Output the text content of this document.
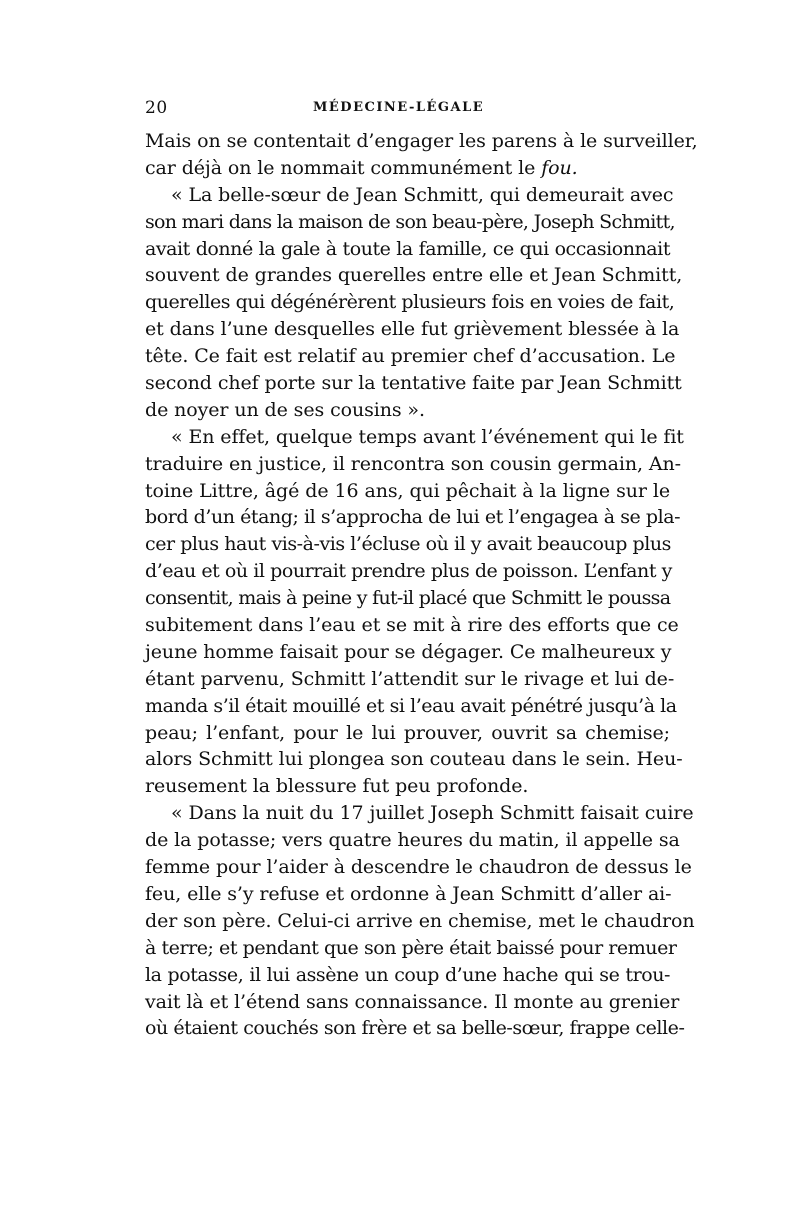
20	MÉDECINE-LÉGALE
Mais on se contentait d’engager les parens à le surveiller,
car déjà on le nommait communément le fou.
« La belle-sœur de Jean Schmitt, qui demeurait avec
son mari dans la maison de son beau-père, Joseph Schmitt,
avait donné la gale à toute la famille, ce qui occasionnait
souvent de grandes querelles entre elle et Jean Schmitt,
querelles qui dégénérèrent plusieurs fois en voies de fait,
et dans l’une desquelles elle fut grièvement blessée à la
tête. Ce fait est relatif au premier chef d’accusation. Le
second chef porte sur la tentative faite par Jean Schmitt
de noyer un de ses cousins ».
« En effet, quelque temps avant l’événement qui le fit
traduire en justice, il rencontra son cousin germain, An-
toine Littre, âgé de 16 ans, qui pêchait à la ligne sur le
bord d’un étang; il s’approcha de lui et l’engagea à se pla-
cer plus haut vis-à-vis l’écluse où il y avait beaucoup plus
d’eau et où il pourrait prendre plus de poisson. L’enfant y
consentit, mais à peine y fut-il placé que Schmitt le poussa
subitement dans l’eau et se mit à rire des efforts que ce
jeune homme faisait pour se dégager. Ce malheureux y
étant parvenu, Schmitt l’attendit sur le rivage et lui de-
manda s’il était mouillé et si l’eau avait pénétré jusqu’à la
peau; l’enfant, pour le lui prouver, ouvrit sa chemise;
alors Schmitt lui plongea son couteau dans le sein. Heu-
reusement la blessure fut peu profonde.
« Dans la nuit du 17 juillet Joseph Schmitt faisait cuire
de la potasse; vers quatre heures du matin, il appelle sa
femme pour l’aider à descendre le chaudron de dessus le
feu, elle s’y refuse et ordonne à Jean Schmitt d’aller ai-
der son père. Celui-ci arrive en chemise, met le chaudron
à terre; et pendant que son père était baissé pour remuer
la potasse, il lui assène un coup d’une hache qui se trou-
vait là et l’étend sans connaissance. Il monte au grenier
où étaient couchés son frère et sa belle-sœur, frappe celle-
